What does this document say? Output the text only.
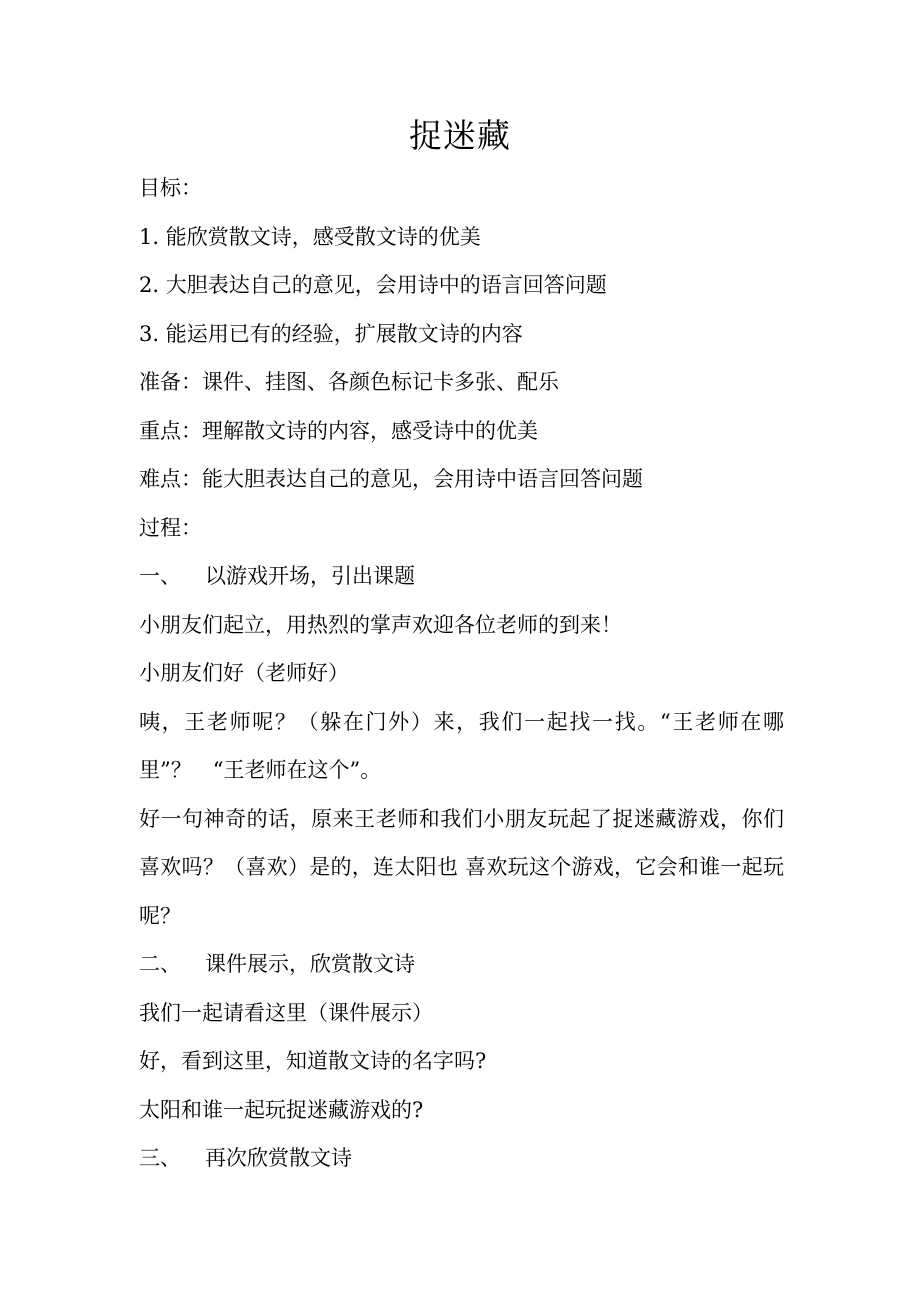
捉迷藏
目标：
1. 能欣赏散文诗，感受散文诗的优美
2. 大胆表达自己的意见，会用诗中的语言回答问题
3. 能运用已有的经验，扩展散文诗的内容
准备：课件、挂图、各颜色标记卡多张、配乐
重点：理解散文诗的内容，感受诗中的优美
难点：能大胆表达自己的意见，会用诗中语言回答问题
过程：
一、 以游戏开场，引出课题
小朋友们起立，用热烈的掌声欢迎各位老师的到来！
小朋友们好（老师好）
咦，王老师呢？（躲在门外）来，我们一起找一找。“王老师在哪里”？　“王老师在这个”。
好一句神奇的话，原来王老师和我们小朋友玩起了捉迷藏游戏，你们喜欢吗？（喜欢）是的，连太阳也 喜欢玩这个游戏，它会和谁一起玩呢？
二、 课件展示，欣赏散文诗
我们一起请看这里（课件展示）
好，看到这里，知道散文诗的名字吗?
太阳和谁一起玩捉迷藏游戏的?
三、 再次欣赏散文诗
